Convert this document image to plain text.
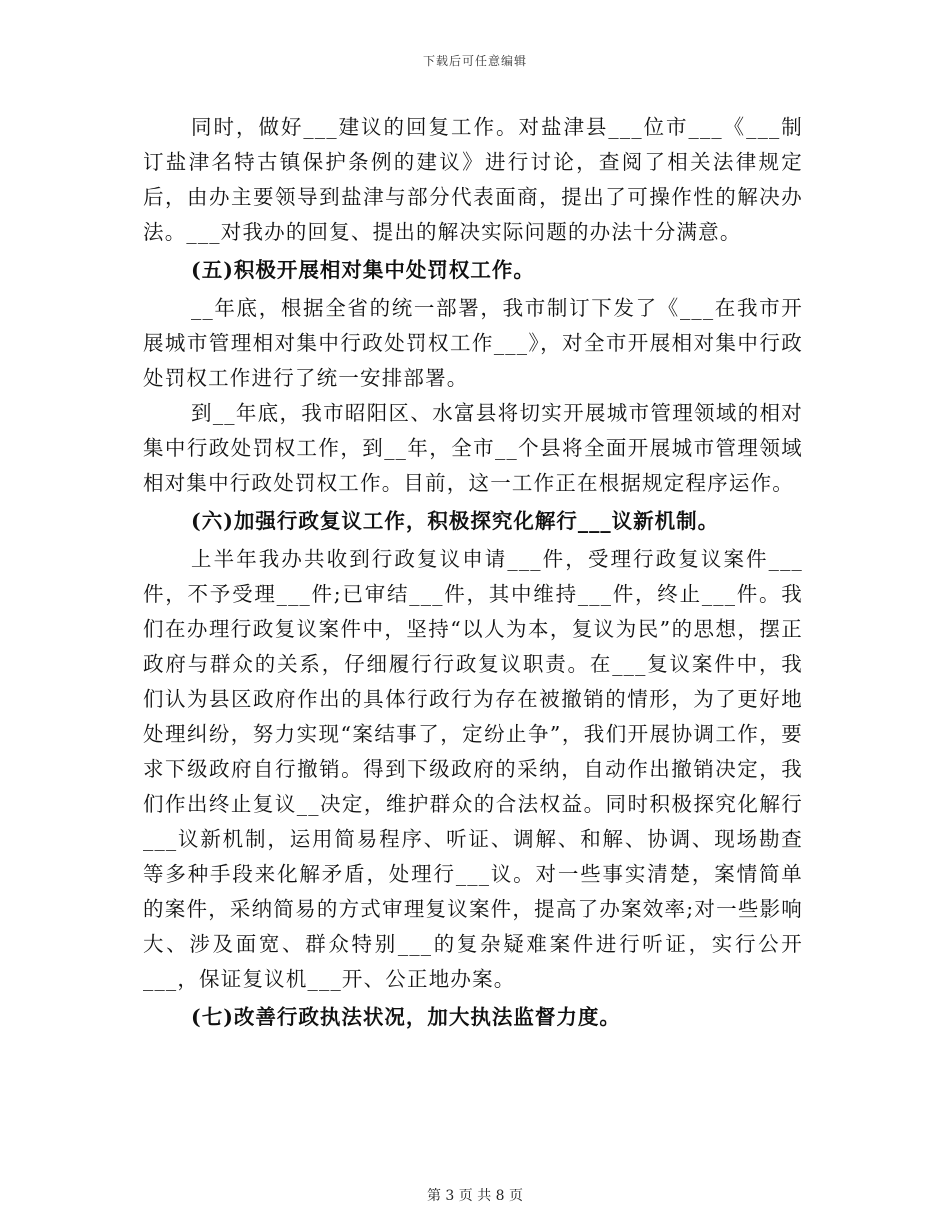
下载后可任意编辑

同时，做好___建议的回复工作。对盐津县___位市___《___制订盐津名特古镇保护条例的建议》进行讨论，查阅了相关法律规定后，由办主要领导到盐津与部分代表面商，提出了可操作性的解决办法。___对我办的回复、提出的解决实际问题的办法十分满意。

(五)积极开展相对集中处罚权工作。

__年底，根据全省的统一部署，我市制订下发了《___在我市开展城市管理相对集中行政处罚权工作___》，对全市开展相对集中行政处罚权工作进行了统一安排部署。

到__年底，我市昭阳区、水富县将切实开展城市管理领域的相对集中行政处罚权工作，到__年，全市__个县将全面开展城市管理领域相对集中行政处罚权工作。目前，这一工作正在根据规定程序运作。

(六)加强行政复议工作，积极探究化解行___议新机制。

上半年我办共收到行政复议申请___件，受理行政复议案件___件，不予受理___件;已审结___件，其中维持___件，终止___件。我们在办理行政复议案件中，坚持“以人为本，复议为民”的思想，摆正政府与群众的关系，仔细履行行政复议职责。在___复议案件中，我们认为县区政府作出的具体行政行为存在被撤销的情形，为了更好地处理纠纷，努力实现“案结事了，定纷止争”，我们开展协调工作，要求下级政府自行撤销。得到下级政府的采纳，自动作出撤销决定，我们作出终止复议__决定，维护群众的合法权益。同时积极探究化解行___议新机制，运用简易程序、听证、调解、和解、协调、现场勘查等多种手段来化解矛盾，处理行___议。对一些事实清楚，案情简单的案件，采纳简易的方式审理复议案件，提高了办案效率;对一些影响大、涉及面宽、群众特别___的复杂疑难案件进行听证，实行公开___，保证复议机___开、公正地办案。

(七)改善行政执法状况，加大执法监督力度。

第 3 页 共 8 页
